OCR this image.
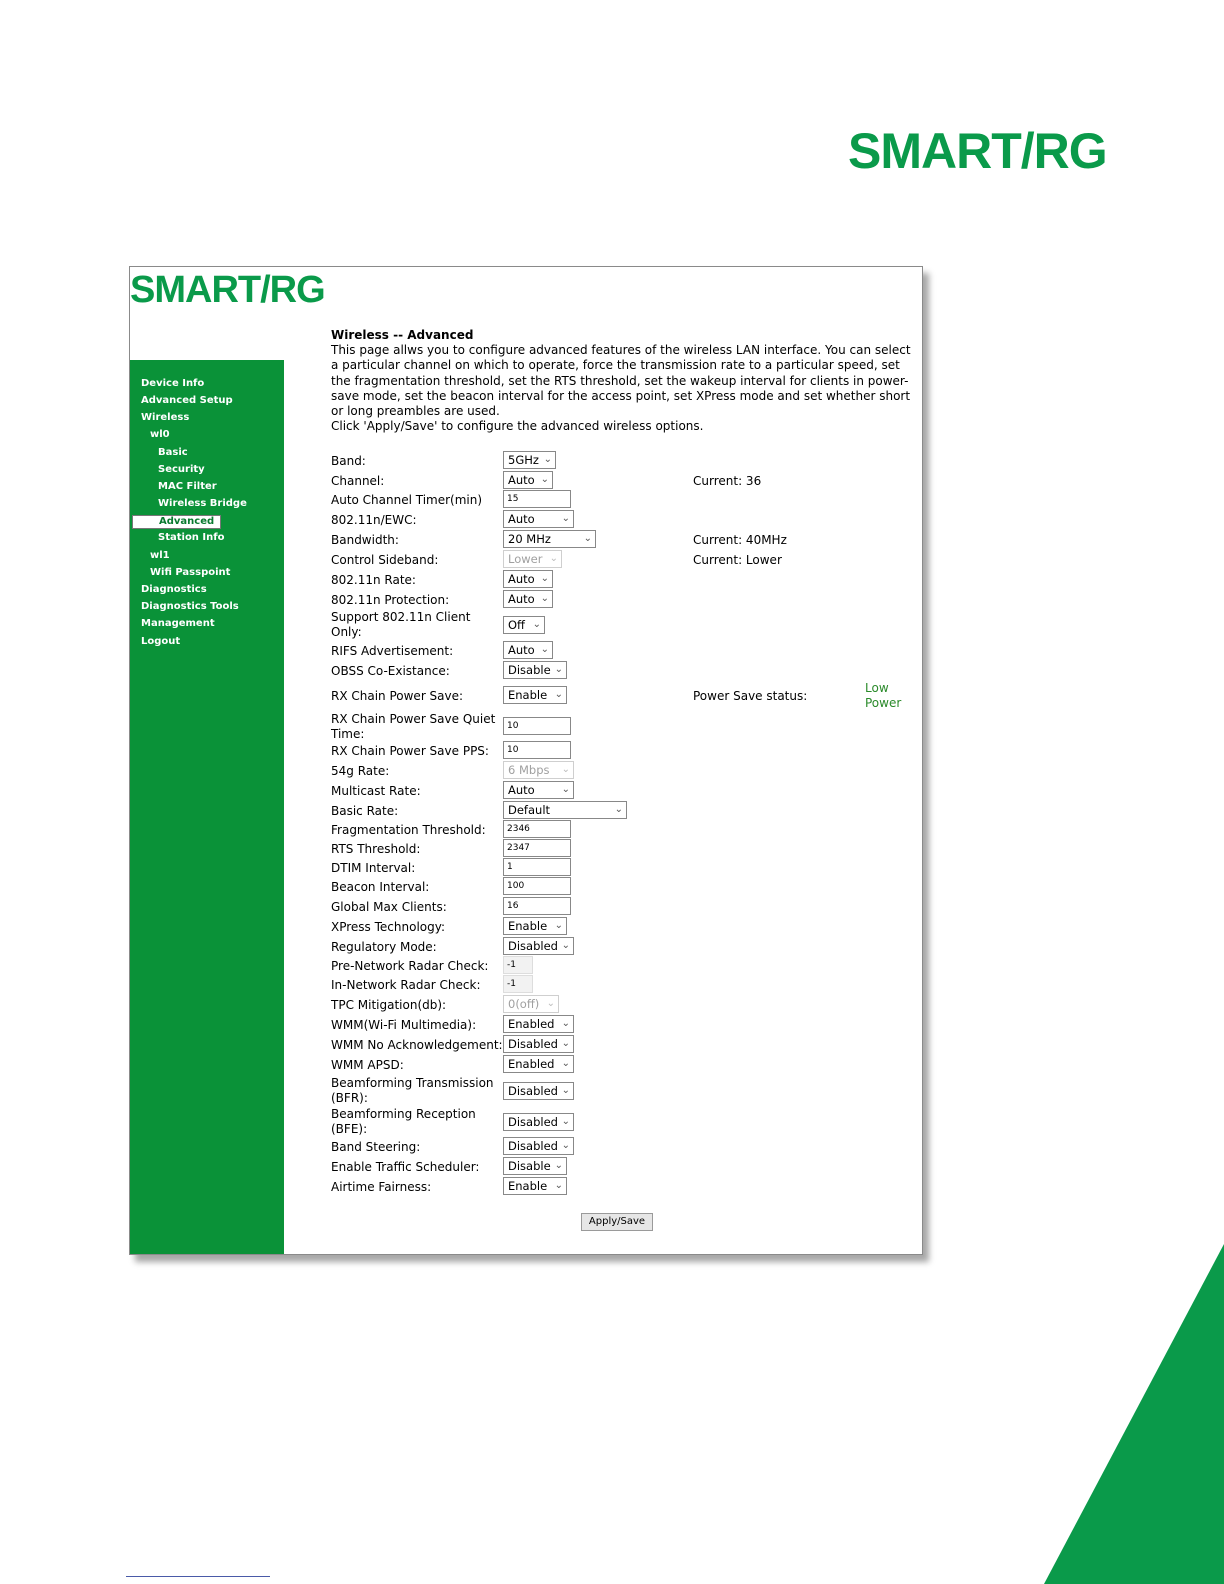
SMART/RG
SMART/RG
Device Info
Advanced Setup
Wireless
wl0
Basic
Security
MAC Filter
Wireless Bridge
Advanced
Station Info
wl1
Wifi Passpoint
Diagnostics
Diagnostics Tools
Management
Logout
Wireless -- Advanced

This page allws you to configure advanced features of the wireless LAN interface. You can select a particular channel on which to operate, force the transmission rate to a particular speed, set the fragmentation threshold, set the RTS threshold, set the wakeup interval for clients in power-save mode, set the beacon interval for the access point, set XPress mode and set whether short or long preambles are used.

Click 'Apply/Save' to configure the advanced wireless options.

Band:	5GHz ⌄
Channel:	Auto ⌄	Current: 36
Auto Channel Timer(min)	15
802.11n/EWC:	Auto	⌄
Bandwidth:	20 MHz	⌄	Current: 40MHz
Control Sideband:	Lower ⌄	Current: Lower
802.11n Rate:	Auto ⌄
802.11n Protection:	Auto ⌄
Support 802.11n Client Only:	Off ⌄
RIFS Advertisement:	Auto ⌄
OBSS Co-Existance:	Disable ⌄
RX Chain Power Save:	Enable ⌄	Power Save status:
Low Power
RX Chain Power Save Quiet Time:
10
RX Chain Power Save PPS:	10
54g Rate:	6 Mbps ⌄
Multicast Rate:	Auto	⌄
Basic Rate:	Default	⌄
Fragmentation Threshold:	2346
RTS Threshold:	2347
DTIM Interval:	1
Beacon Interval:	100
Global Max Clients:	16
XPress Technology:	Enable ⌄
Regulatory Mode:	Disabled ⌄
Pre-Network Radar Check:	-1
In-Network Radar Check:	-1
TPC Mitigation(db):	0(off) ⌄
WMM(Wi-Fi Multimedia):	Enabled ⌄
WMM No Acknowledgement: Disabled ⌄
WMM APSD:	Enabled ⌄
Beamforming Transmission (BFR):	Disabled ⌄
Beamforming Reception (BFE):	Disabled ⌄
Band Steering:	Disabled ⌄
Enable Traffic Scheduler:	Disable ⌄
Airtime Fairness:	Enable ⌄
Apply/Save
